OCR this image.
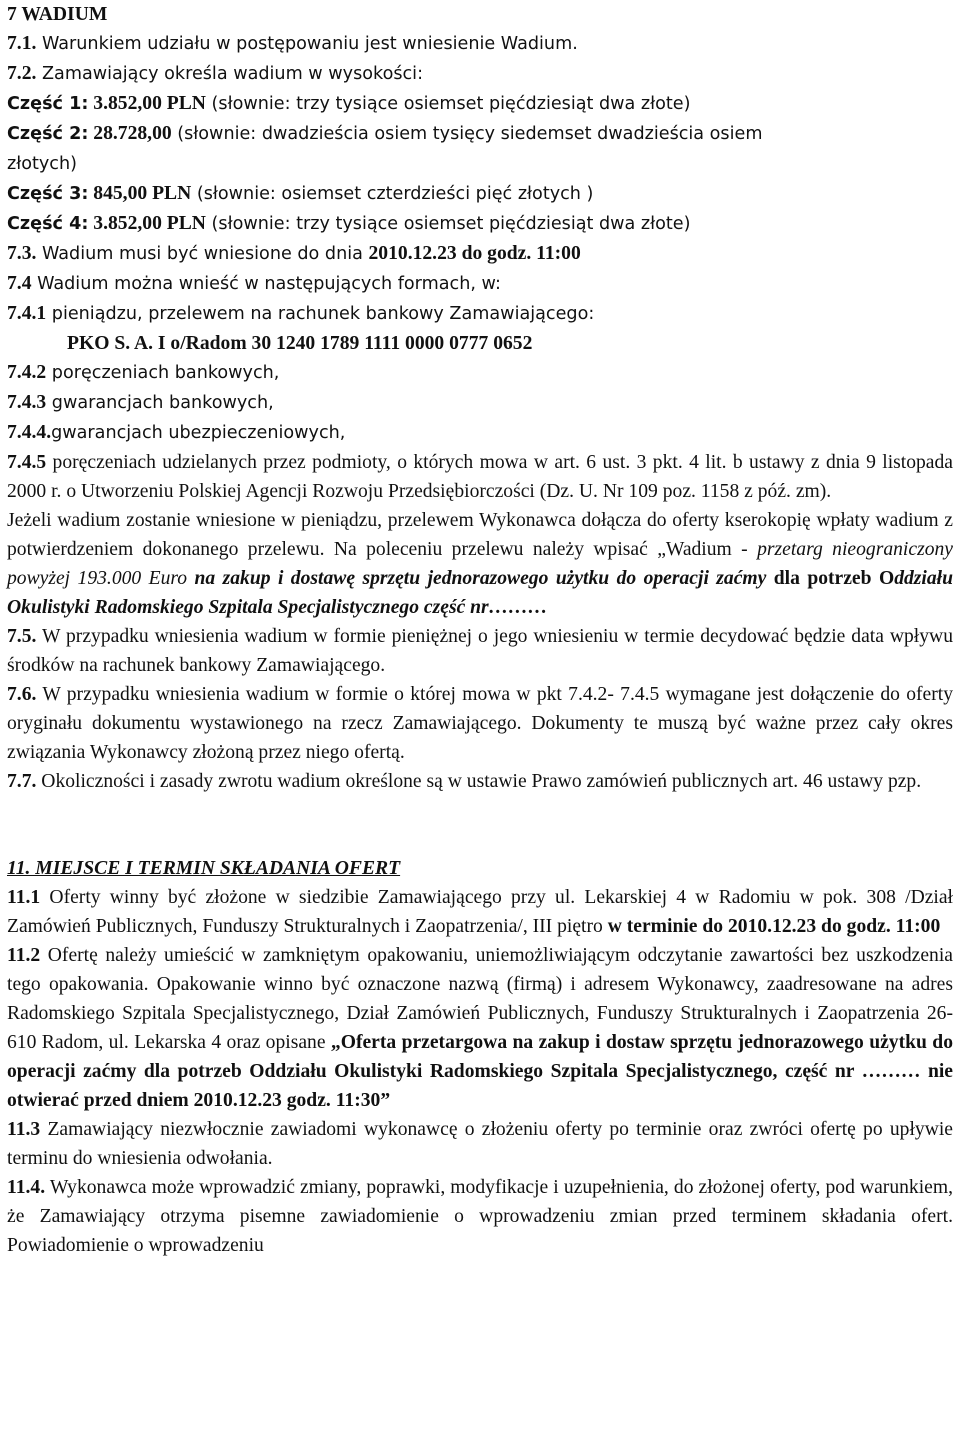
7 WADIUM

7.1. Warunkiem udziału w postępowaniu jest wniesienie Wadium.

7.2. Zamawiający określa wadium w wysokości:

Część 1: 3.852,00 PLN (słownie: trzy tysiące osiemset pięćdziesiąt dwa złote)

Część 2: 28.728,00 (słownie: dwadzieścia osiem tysięcy siedemset dwadzieścia osiem

złotych)

Część 3: 845,00 PLN (słownie: osiemset czterdzieści pięć złotych )

Część 4: 3.852,00 PLN (słownie: trzy tysiące osiemset pięćdziesiąt dwa złote)

7.3. Wadium musi być wniesione do dnia 2010.12.23 do godz. 11:00

7.4 Wadium można wnieść w następujących formach, w:

7.4.1 pieniądzu, przelewem na rachunek bankowy Zamawiającego:

PKO S. A. I o/Radom 30 1240 1789 1111 0000 0777 0652

7.4.2 poręczeniach bankowych,

7.4.3 gwarancjach bankowych,

7.4.4.gwarancjach ubezpieczeniowych,

7.4.5 poręczeniach udzielanych przez podmioty, o których mowa w art. 6 ust. 3 pkt. 4 lit. b ustawy z dnia 9 listopada 2000 r. o Utworzeniu Polskiej Agencji Rozwoju Przedsiębiorczości (Dz. U. Nr 109 poz. 1158 z póź. zm).

Jeżeli wadium zostanie wniesione w pieniądzu, przelewem Wykonawca dołącza do oferty kserokopię wpłaty wadium z potwierdzeniem dokonanego przelewu. Na poleceniu przelewu należy wpisać „Wadium - przetarg nieograniczony powyżej 193.000 Euro na zakup i dostawę sprzętu jednorazowego użytku do operacji zaćmy dla potrzeb Oddziału Okulistyki Radomskiego Szpitala Specjalistycznego część nr………

7.5. W przypadku wniesienia wadium w formie pieniężnej o jego wniesieniu w termie decydować będzie data wpływu środków na rachunek bankowy Zamawiającego.

7.6. W przypadku wniesienia wadium w formie o której mowa w pkt 7.4.2- 7.4.5 wymagane jest dołączenie do oferty oryginału dokumentu wystawionego na rzecz Zamawiającego. Dokumenty te muszą być ważne przez cały okres związania Wykonawcy złożoną przez niego ofertą.

7.7. Okoliczności i zasady zwrotu wadium określone są w ustawie Prawo zamówień publicznych art. 46 ustawy pzp.

11. MIEJSCE I TERMIN SKŁADANIA OFERT

11.1 Oferty winny być złożone w siedzibie Zamawiającego przy ul. Lekarskiej 4 w Radomiu w pok. 308 /Dział Zamówień Publicznych, Funduszy Strukturalnych i Zaopatrzenia/, III piętro w terminie do 2010.12.23 do godz. 11:00

11.2 Ofertę należy umieścić w zamkniętym opakowaniu, uniemożliwiającym odczytanie zawartości bez uszkodzenia tego opakowania. Opakowanie winno być oznaczone nazwą (firmą) i adresem Wykonawcy, zaadresowane na adres Radomskiego Szpitala Specjalistycznego, Dział Zamówień Publicznych, Funduszy Strukturalnych i Zaopatrzenia 26-610 Radom, ul. Lekarska 4 oraz opisane „Oferta przetargowa na zakup i dostaw sprzętu jednorazowego użytku do operacji zaćmy dla potrzeb Oddziału Okulistyki Radomskiego Szpitala Specjalistycznego, część nr ……… nie otwierać przed dniem 2010.12.23 godz. 11:30”

11.3 Zamawiający niezwłocznie zawiadomi wykonawcę o złożeniu oferty po terminie oraz zwróci ofertę po upływie terminu do wniesienia odwołania.

11.4. Wykonawca może wprowadzić zmiany, poprawki, modyfikacje i uzupełnienia, do złożonej oferty, pod warunkiem, że Zamawiający otrzyma pisemne zawiadomienie o wprowadzeniu zmian przed terminem składania ofert. Powiadomienie o wprowadzeniu
